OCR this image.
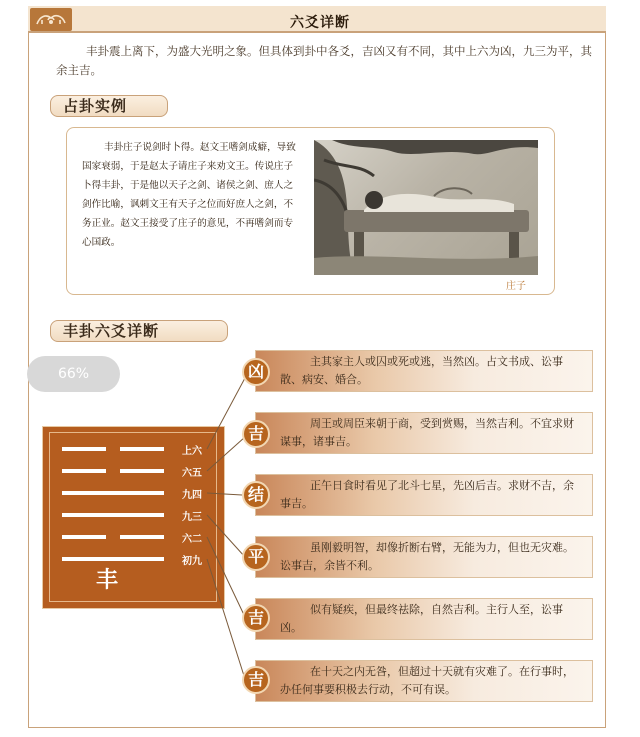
六爻详断

丰卦震上离下，为盛大光明之象。但具体到卦中各爻，吉凶又有不同，其中上六为凶，九三为平，其余主吉。

占卦实例

丰卦庄子说剑时卜得。赵文王嗜剑成癖，导致国家衰弱，于是赵太子请庄子来劝文王。传说庄子卜得丰卦，于是他以天子之剑、诸侯之剑、庶人之剑作比喻，讽刺文王有天子之位而好庶人之剑，不务正业。赵文王接受了庄子的意见，不再嗜剑而专心国政。

庄子
丰卦六爻详断
66%
上六
六五
九四
九三
六二
初九
丰
主其家主人或囚或死或逃，当然凶。占文书成、讼事散、病安、婚合。
周王或周臣来朝于商，受到赏赐，当然吉利。不宜求财谋事，诸事吉。
正午日食时看见了北斗七星，先凶后吉。求财不吉，余事吉。
虽刚毅明智，却像折断右臂，无能为力，但也无灾难。讼事吉，余皆不利。
似有疑疾，但最终祛除，自然吉利。主行人至，讼事凶。
在十天之内无咎，但超过十天就有灾难了。在行事时，办任何事要积极去行动，不可有误。
凶
吉
结
平
吉
吉
